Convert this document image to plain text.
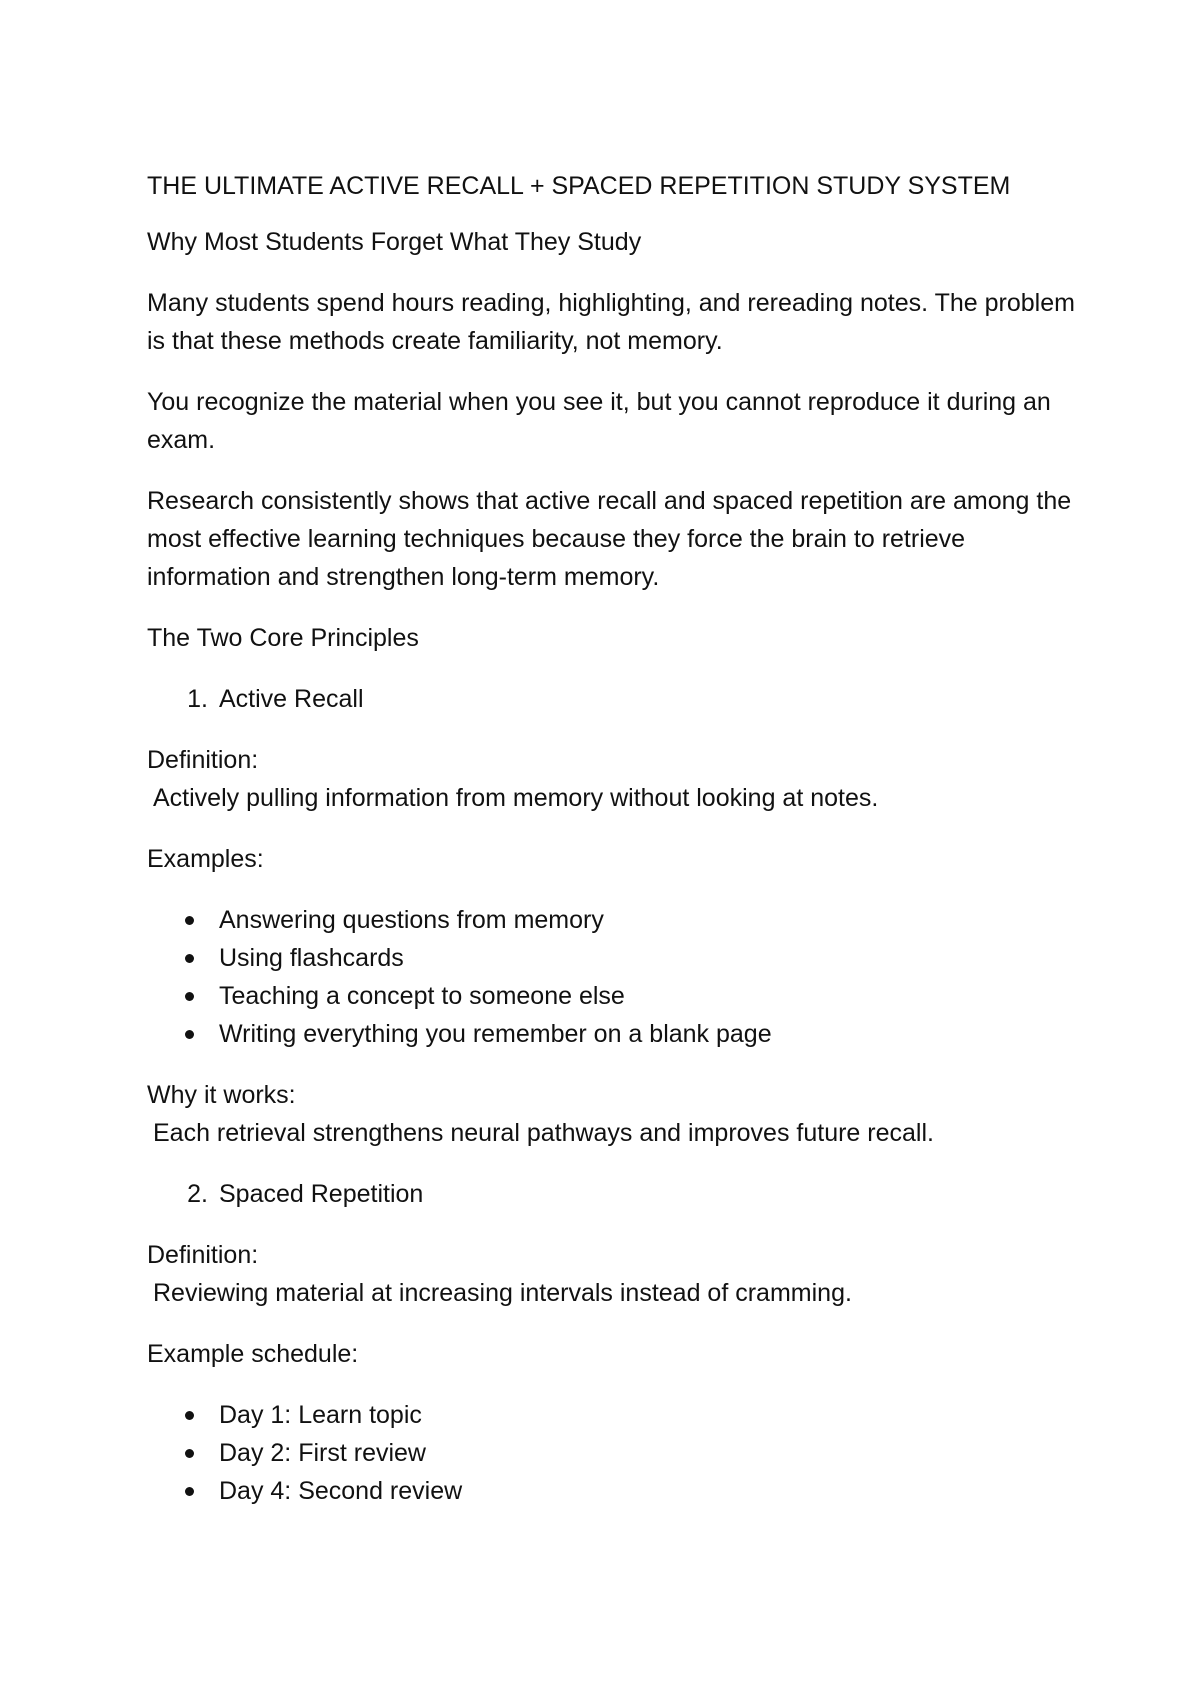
THE ULTIMATE ACTIVE RECALL + SPACED REPETITION STUDY SYSTEM

Why Most Students Forget What They Study

Many students spend hours reading, highlighting, and rereading notes. The problem is that these methods create familiarity, not memory.

You recognize the material when you see it, but you cannot reproduce it during an exam.

Research consistently shows that active recall and spaced repetition are among the most effective learning techniques because they force the brain to retrieve information and strengthen long-term memory.

The Two Core Principles

1. Active Recall
Definition:
Actively pulling information from memory without looking at notes.

Examples:

Answering questions from memory
Using flashcards
Teaching a concept to someone else
Writing everything you remember on a blank page
Why it works:
Each retrieval strengthens neural pathways and improves future recall.
2. Spaced Repetition
Definition:
Reviewing material at increasing intervals instead of cramming.

Example schedule:

Day 1: Learn topic
Day 2: First review
Day 4: Second review
